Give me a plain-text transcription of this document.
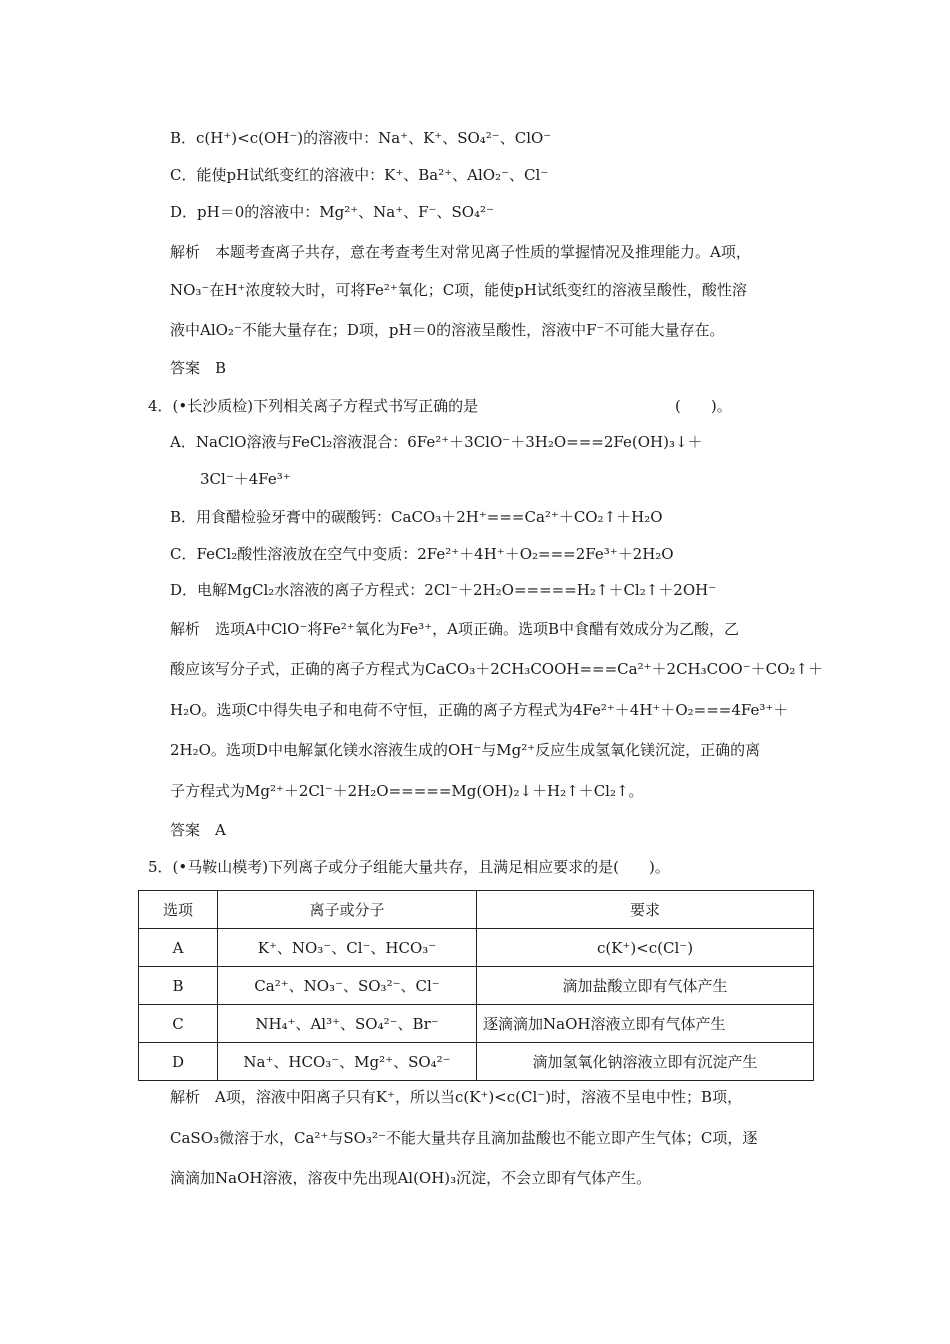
B．c(H⁺)<c(OH⁻)的溶液中：Na⁺、K⁺、SO₄²⁻、ClO⁻
C．能使pH试纸变红的溶液中：K⁺、Ba²⁺、AlO₂⁻、Cl⁻
D．pH＝0的溶液中：Mg²⁺、Na⁺、F⁻、SO₄²⁻
解析　本题考查离子共存，意在考查考生对常见离子性质的掌握情况及推理能力。A项，
NO₃⁻在H⁺浓度较大时，可将Fe²⁺氧化；C项，能使pH试纸变红的溶液呈酸性，酸性溶
液中AlO₂⁻不能大量存在；D项，pH＝0的溶液呈酸性，溶液中F⁻不可能大量存在。
答案　B
4．(•长沙质检)下列相关离子方程式书写正确的是	(　　)。
A．NaClO溶液与FeCl₂溶液混合：6Fe²⁺＋3ClO⁻＋3H₂O===2Fe(OH)₃↓＋
3Cl⁻＋4Fe³⁺
B．用食醋检验牙膏中的碳酸钙：CaCO₃＋2H⁺===Ca²⁺＋CO₂↑＋H₂O
C．FeCl₂酸性溶液放在空气中变质：2Fe²⁺＋4H⁺＋O₂===2Fe³⁺＋2H₂O
D．电解MgCl₂水溶液的离子方程式：2Cl⁻＋2H₂O=====H₂↑＋Cl₂↑＋2OH⁻
解析　选项A中ClO⁻将Fe²⁺氧化为Fe³⁺，A项正确。选项B中食醋有效成分为乙酸，乙
酸应该写分子式，正确的离子方程式为CaCO₃＋2CH₃COOH===Ca²⁺＋2CH₃COO⁻＋CO₂↑＋
H₂O。选项C中得失电子和电荷不守恒，正确的离子方程式为4Fe²⁺＋4H⁺＋O₂===4Fe³⁺＋
2H₂O。选项D中电解氯化镁水溶液生成的OH⁻与Mg²⁺反应生成氢氧化镁沉淀，正确的离
子方程式为Mg²⁺＋2Cl⁻＋2H₂O=====Mg(OH)₂↓＋H₂↑＋Cl₂↑。
答案　A
5．(•马鞍山模考)下列离子或分子组能大量共存，且满足相应要求的是(　　)。
选项	离子或分子	要求
A	K⁺、NO₃⁻、Cl⁻、HCO₃⁻	c(K⁺)<c(Cl⁻)
B	Ca²⁺、NO₃⁻、SO₃²⁻、Cl⁻	滴加盐酸立即有气体产生
C	NH₄⁺、Al³⁺、SO₄²⁻、Br⁻	逐滴滴加NaOH溶液立即有气体产生
D	Na⁺、HCO₃⁻、Mg²⁺、SO₄²⁻	滴加氢氧化钠溶液立即有沉淀产生
解析　A项，溶液中阳离子只有K⁺，所以当c(K⁺)<c(Cl⁻)时，溶液不呈电中性；B项，
CaSO₃微溶于水，Ca²⁺与SO₃²⁻不能大量共存且滴加盐酸也不能立即产生气体；C项，逐
滴滴加NaOH溶液，溶夜中先出现Al(OH)₃沉淀，不会立即有气体产生。
